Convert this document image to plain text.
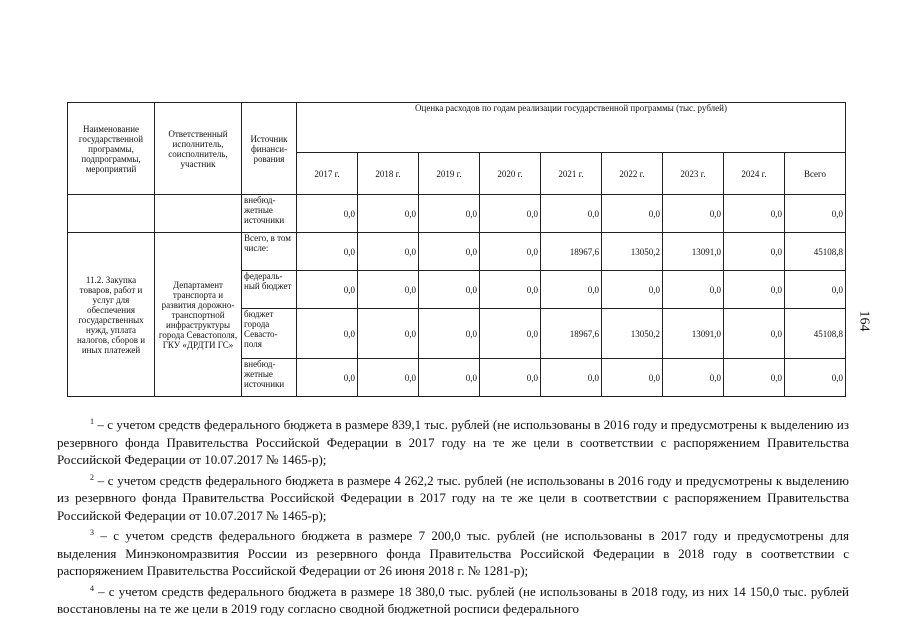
Наименование государственной программы, подпрограммы, мероприятий	Ответственный исполнитель, соисполнитель, участник	Источник финанси-рования	Оценка расходов по годам реализации государственной программы (тыс. рублей)								
			2017 г.	2018 г.	2019 г.	2020 г.	2021 г.	2022 г.	2023 г.	2024 г.	Всего
		внебюд-жетные источники	0,0	0,0	0,0	0,0	0,0	0,0	0,0	0,0	0,0
11.2. Закупка товаров, работ и услуг для обеспечения государственных нужд, уплата налогов, сборов и иных платежей	Департамент транспорта и развития дорожно-транспортной инфраструктуры города Севастополя, ГКУ «ДРДТИ ГС»	Всего, в том числе:	0,0	0,0	0,0	0,0	18967,6	13050,2	13091,0	0,0	45108,8
		федераль-ный бюджет	0,0	0,0	0,0	0,0	0,0	0,0	0,0	0,0	0,0
		бюджет города Севасто-поля	0,0	0,0	0,0	0,0	18967,6	13050,2	13091,0	0,0	45108,8
		внебюд-жетные источники	0,0	0,0	0,0	0,0	0,0	0,0	0,0	0,0	0,0
164

$^1$ – с учетом средств федерального бюджета в размере 839,1 тыс. рублей (не использованы в 2016 году и предусмотрены к выделению из резервного фонда Правительства Российской Федерации в 2017 году на те же цели в соответствии с распоряжением Правительства Российской Федерации от 10.07.2017 № 1465-р);

$^2$ – с учетом средств федерального бюджета в размере 4 262,2 тыс. рублей (не использованы в 2016 году и предусмотрены к выделению из резервного фонда Правительства Российской Федерации в 2017 году на те же цели в соответствии с распоряжением Правительства Российской Федерации от 10.07.2017 № 1465-р);

$^3$ – с учетом средств федерального бюджета в размере 7 200,0 тыс. рублей (не использованы в 2017 году и предусмотрены для выделения Минэкономразвития России из резервного фонда Правительства Российской Федерации в 2018 году в соответствии с распоряжением Правительства Российской Федерации от 26 июня 2018 г. № 1281-р);

$^4$ – с учетом средств федерального бюджета в размере 18 380,0 тыс. рублей (не использованы в 2018 году, из них 14 150,0 тыс. рублей восстановлены на те же цели в 2019 году согласно сводной бюджетной росписи федерального
